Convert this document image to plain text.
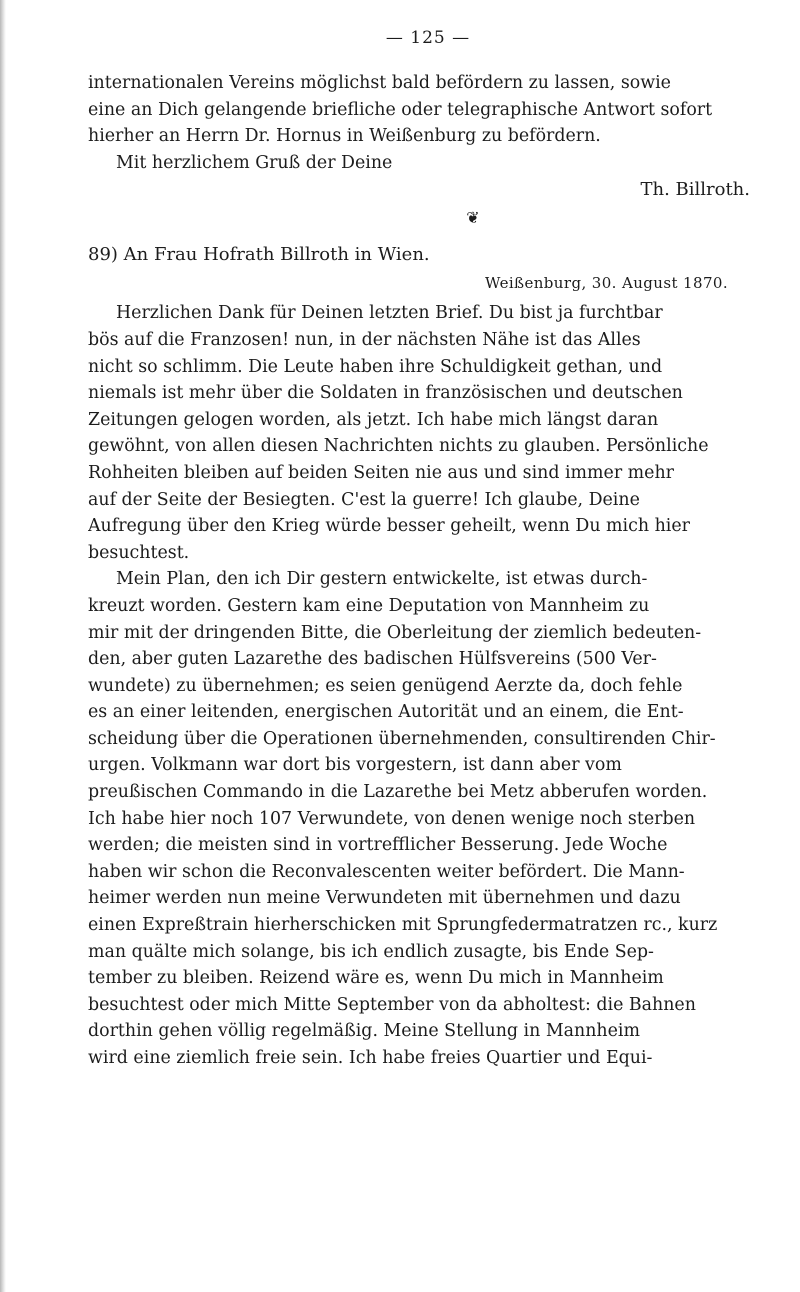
— 125 —

internationalen Vereins möglichst bald befördern zu lassen, sowie
eine an Dich gelangende briefliche oder telegraphische Antwort sofort
hierher an Herrn Dr. Hornus in Weißenburg zu befördern.
Mit herzlichem Gruß der Deine

Th. Billroth.

❦

89) An Frau Hofrath Billroth in Wien.

Weißenburg, 30. August 1870.

Herzlichen Dank für Deinen letzten Brief. Du bist ja furchtbar
bös auf die Franzosen! nun, in der nächsten Nähe ist das Alles
nicht so schlimm. Die Leute haben ihre Schuldigkeit gethan, und
niemals ist mehr über die Soldaten in französischen und deutschen
Zeitungen gelogen worden, als jetzt. Ich habe mich längst daran
gewöhnt, von allen diesen Nachrichten nichts zu glauben. Persönliche
Rohheiten bleiben auf beiden Seiten nie aus und sind immer mehr
auf der Seite der Besiegten. C'est la guerre! Ich glaube, Deine
Aufregung über den Krieg würde besser geheilt, wenn Du mich hier
besuchtest.

Mein Plan, den ich Dir gestern entwickelte, ist etwas durch-
kreuzt worden. Gestern kam eine Deputation von Mannheim zu
mir mit der dringenden Bitte, die Oberleitung der ziemlich bedeuten-
den, aber guten Lazarethe des badischen Hülfsvereins (500 Ver-
wundete) zu übernehmen; es seien genügend Aerzte da, doch fehle
es an einer leitenden, energischen Autorität und an einem, die Ent-
scheidung über die Operationen übernehmenden, consultirenden Chir-
urgen. Volkmann war dort bis vorgestern, ist dann aber vom
preußischen Commando in die Lazarethe bei Metz abberufen worden.
Ich habe hier noch 107 Verwundete, von denen wenige noch sterben
werden; die meisten sind in vortrefflicher Besserung. Jede Woche
haben wir schon die Reconvalescenten weiter befördert. Die Mann-
heimer werden nun meine Verwundeten mit übernehmen und dazu
einen Expreßtrain hierherschicken mit Sprungfedermatratzen rc., kurz
man quälte mich solange, bis ich endlich zusagte, bis Ende Sep-
tember zu bleiben. Reizend wäre es, wenn Du mich in Mannheim
besuchtest oder mich Mitte September von da abholtest: die Bahnen
dorthin gehen völlig regelmäßig. Meine Stellung in Mannheim
wird eine ziemlich freie sein. Ich habe freies Quartier und Equi-
